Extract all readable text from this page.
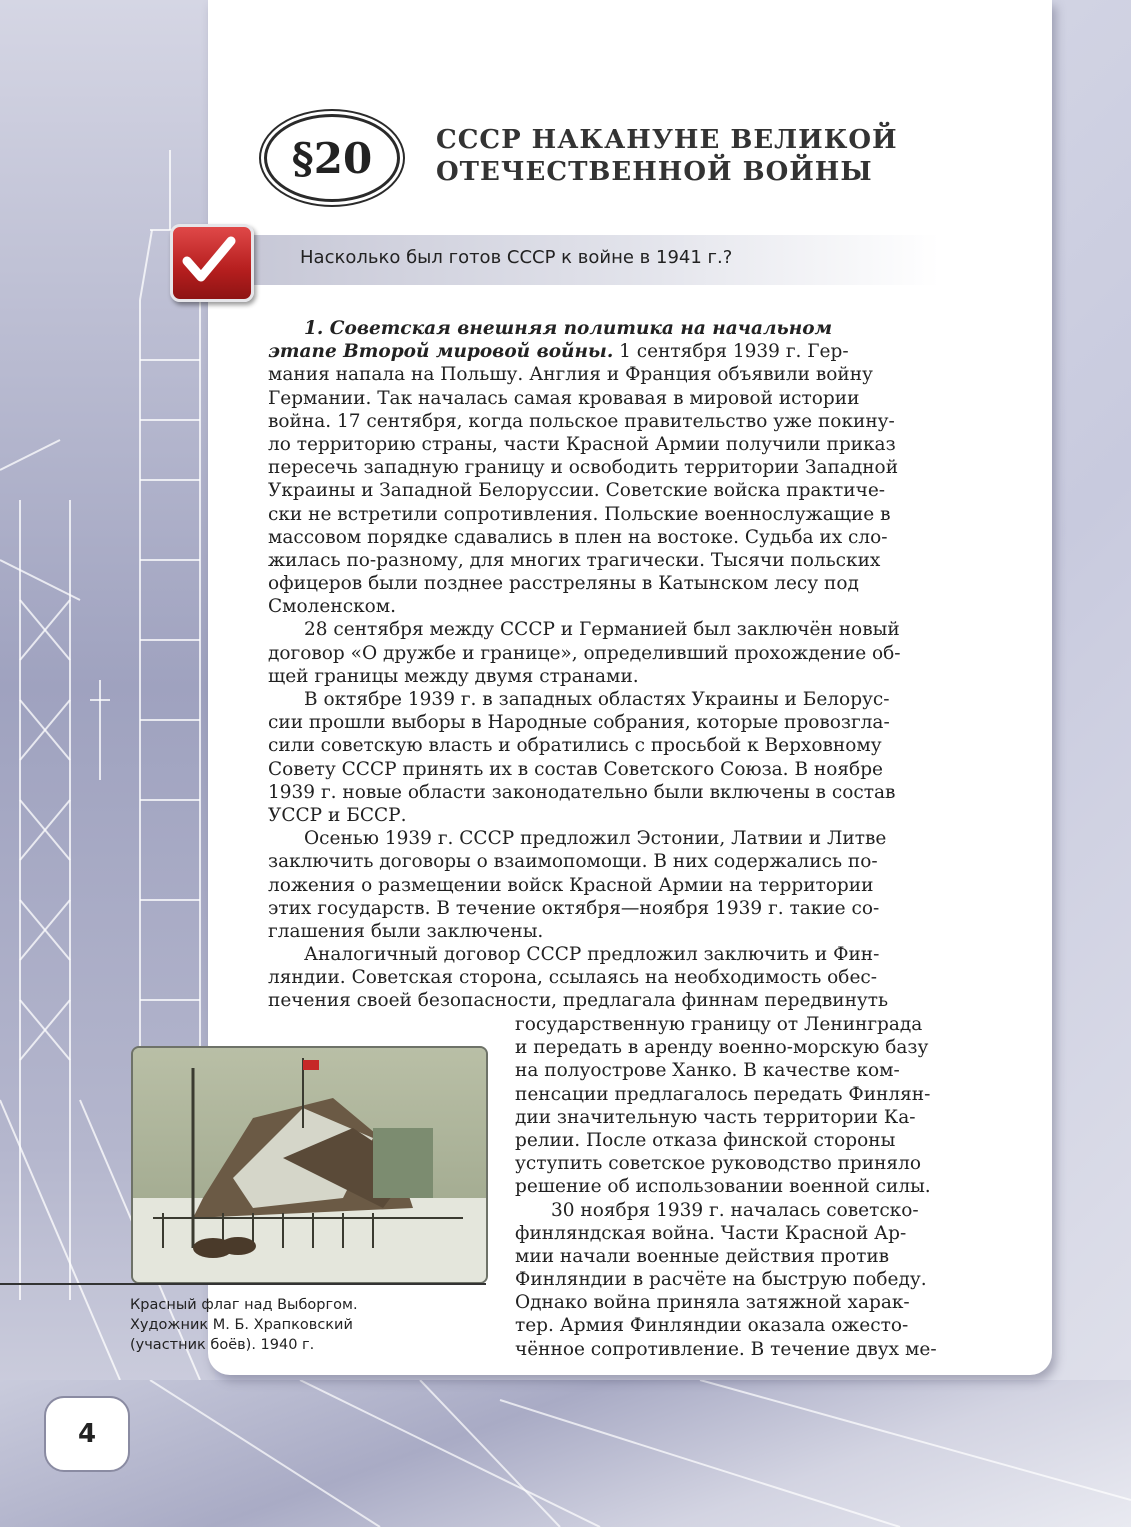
§20 СССР НАКАНУНЕ ВЕЛИКОЙ
ОТЕЧЕСТВЕННОЙ ВОЙНЫ
Насколько был готов СССР к войне в 1941 г.?
1. Советская внешняя политика на начальном
этапе Второй мировой войны. 1 сентября 1939 г. Гер-
мания напала на Польшу. Англия и Франция объявили войну
Германии. Так началась самая кровавая в мировой истории
война. 17 сентября, когда польское правительство уже покину-
ло территорию страны, части Красной Армии получили приказ
пересечь западную границу и освободить территории Западной
Украины и Западной Белоруссии. Советские войска практиче-
ски не встретили сопротивления. Польские военнослужащие в
массовом порядке сдавались в плен на востоке. Судьба их сло-
жилась по-разному, для многих трагически. Тысячи польских
офицеров были позднее расстреляны в Катынском лесу под
Смоленском.
28 сентября между СССР и Германией был заключён новый
договор «О дружбе и границе», определивший прохождение об-
щей границы между двумя странами.
В октябре 1939 г. в западных областях Украины и Белорус-
сии прошли выборы в Народные собрания, которые провозгла-
сили советскую власть и обратились с просьбой к Верховному
Совету СССР принять их в состав Советского Союза. В ноябре
1939 г. новые области законодательно были включены в состав
УССР и БССР.
Осенью 1939 г. СССР предложил Эстонии, Латвии и Литве
заключить договоры о взаимопомощи. В них содержались по-
ложения о размещении войск Красной Армии на территории
этих государств. В течение октября—ноября 1939 г. такие со-
глашения были заключены.
Аналогичный договор СССР предложил заключить и Фин-
ляндии. Советская сторона, ссылаясь на необходимость обес-
печения своей безопасности, предлагала финнам передвинуть
государственную границу от Ленинграда
и передать в аренду военно-морскую базу
на полуострове Ханко. В качестве ком-
пенсации предлагалось передать Финлян-
дии значительную часть территории Ка-
релии. После отказа финской стороны
уступить советское руководство приняло
решение об использовании военной силы.
30 ноября 1939 г. началась советско-
финляндская война. Части Красной Ар-
мии начали военные действия против
Финляндии в расчёте на быструю победу.
Однако война приняла затяжной харак-
тер. Армия Финляндии оказала ожесто-
чённое сопротивление. В течение двух ме-
Красный флаг над Выборгом.
Художник М. Б. Храпковский
(участник боёв). 1940 г.
4
